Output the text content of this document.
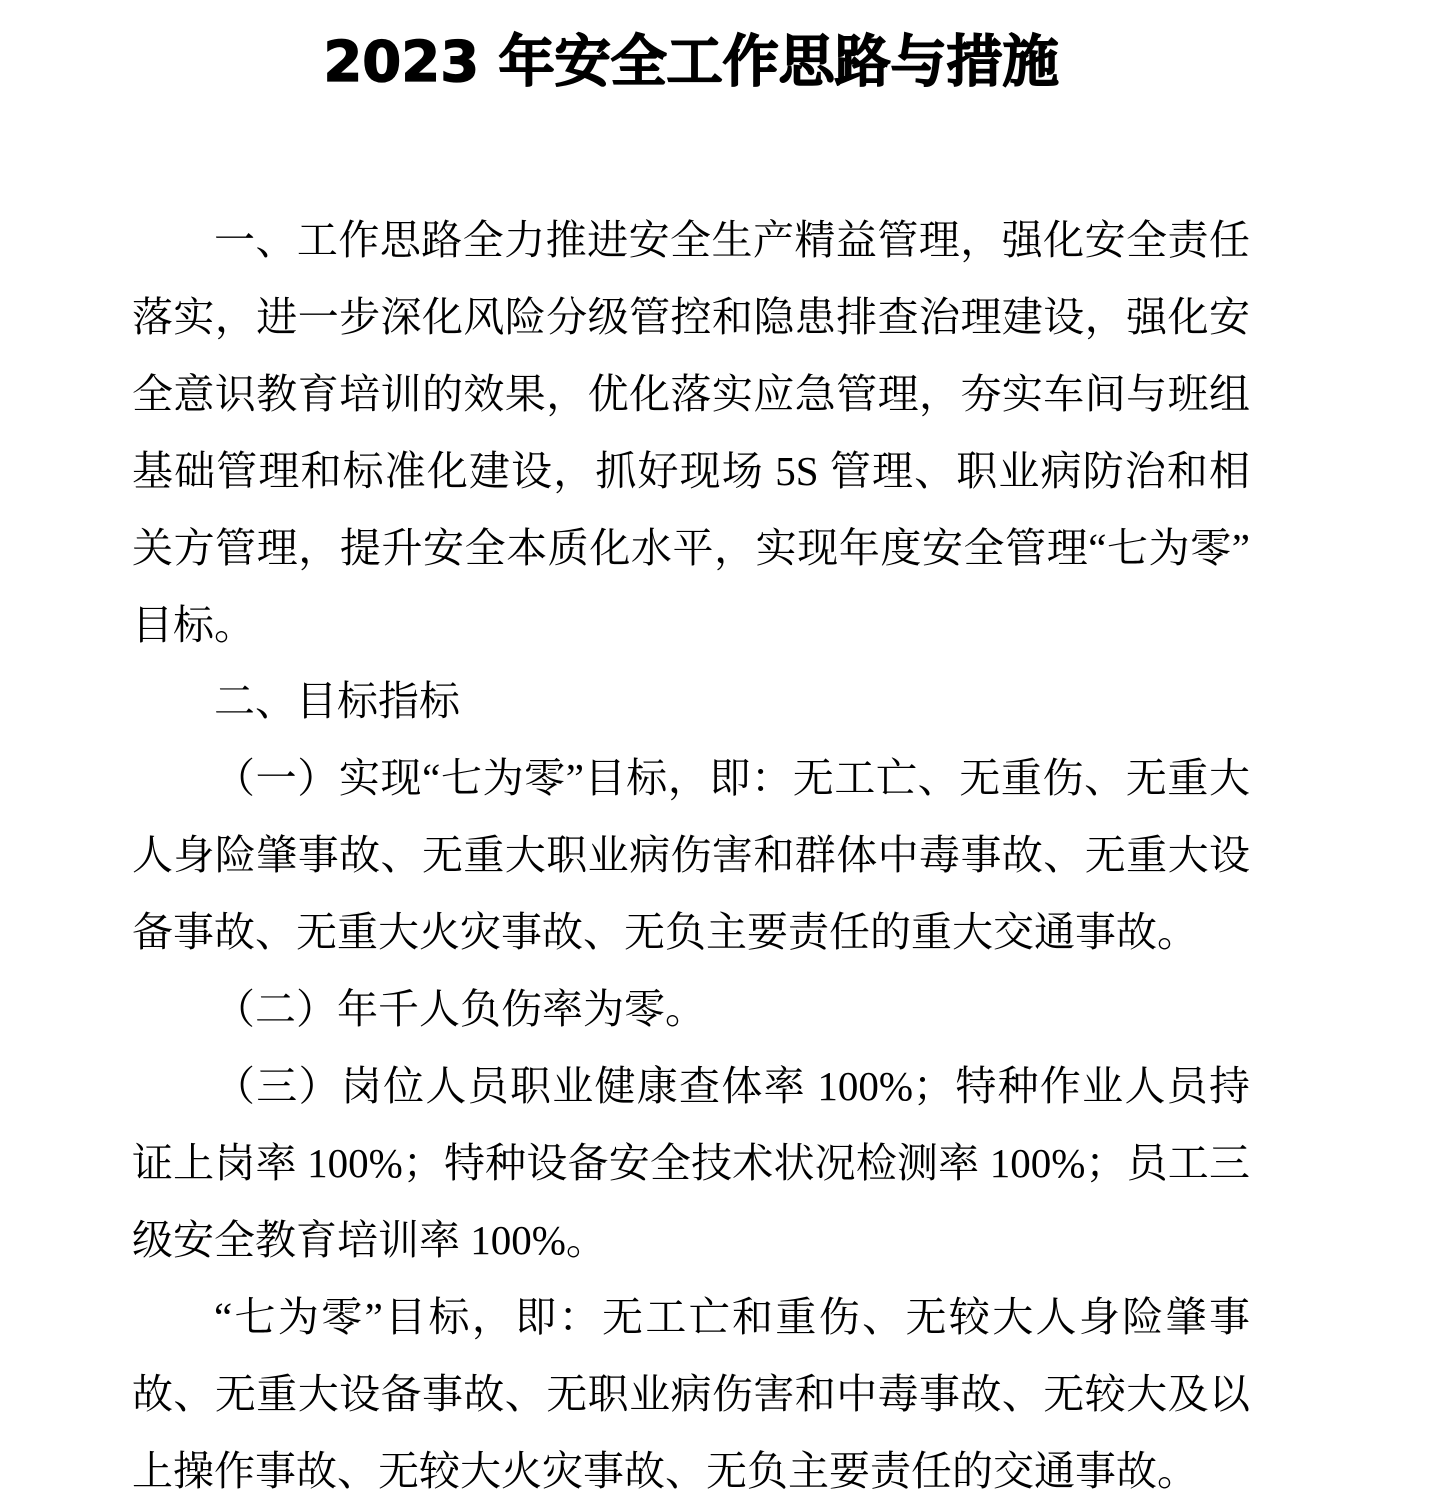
2023 年安全工作思路与措施

一、工作思路全力推进安全生产精益管理，强化安全责任落实，进一步深化风险分级管控和隐患排查治理建设，强化安全意识教育培训的效果，优化落实应急管理，夯实车间与班组基础管理和标准化建设，抓好现场 5S 管理、职业病防治和相关方管理，提升安全本质化水平，实现年度安全管理“七为零”目标。

二、目标指标

（一）实现“七为零”目标，即：无工亡、无重伤、无重大人身险肇事故、无重大职业病伤害和群体中毒事故、无重大设备事故、无重大火灾事故、无负主要责任的重大交通事故。

（二）年千人负伤率为零。

（三）岗位人员职业健康查体率 100%；特种作业人员持证上岗率 100%；特种设备安全技术状况检测率 100%；员工三级安全教育培训率 100%。

“七为零”目标，即：无工亡和重伤、无较大人身险肇事故、无重大设备事故、无职业病伤害和中毒事故、无较大及以上操作事故、无较大火灾事故、无负主要责任的交通事故。
